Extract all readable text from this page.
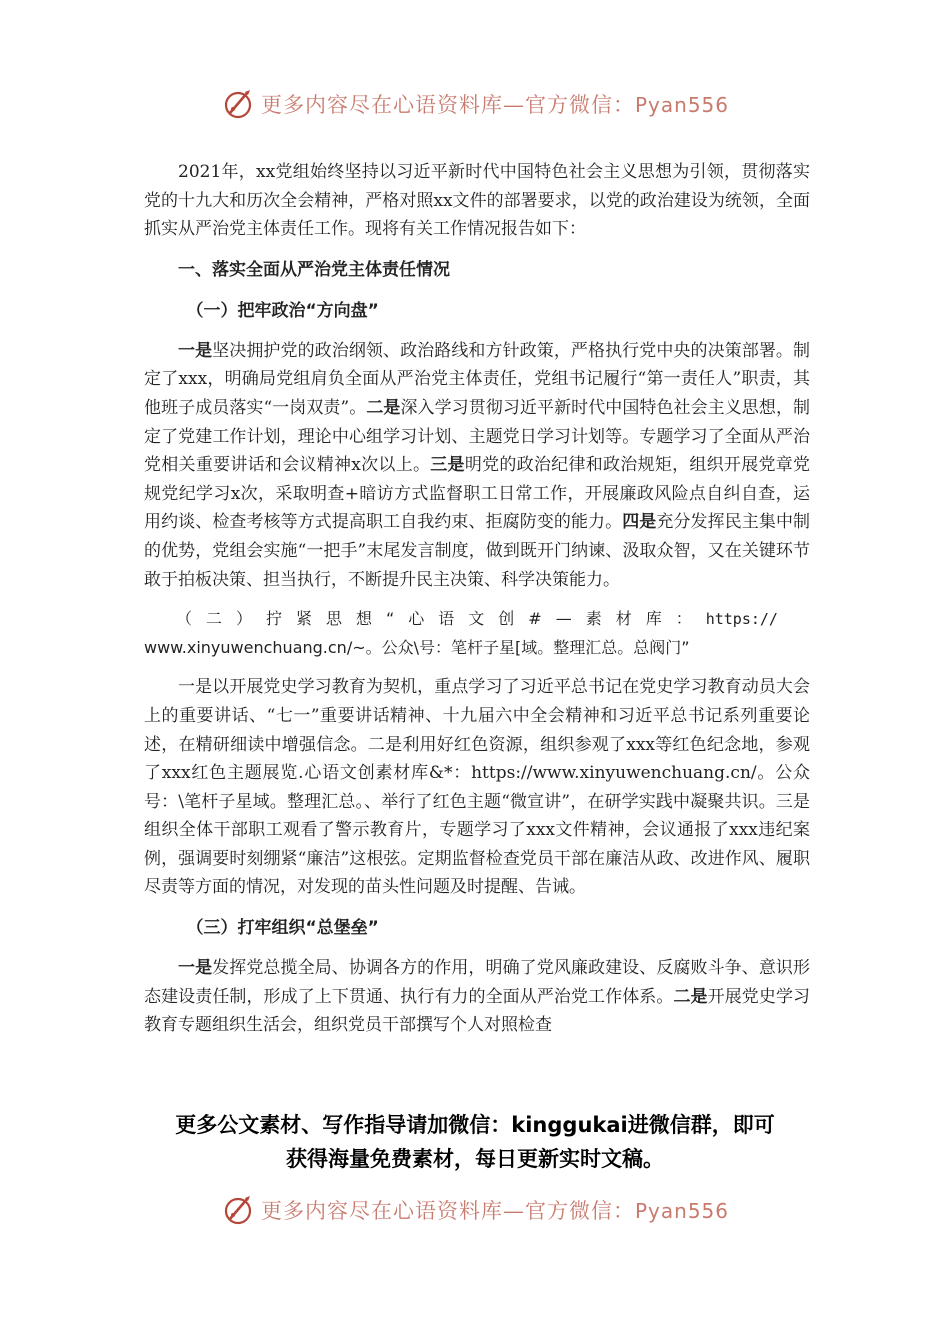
更多内容尽在心语资料库—官方微信：Pyan556

2021年，xx党组始终坚持以习近平新时代中国特色社会主义思想为引领，贯彻落实党的十九大和历次全会精神，严格对照xx文件的部署要求，以党的政治建设为统领，全面抓实从严治党主体责任工作。现将有关工作情况报告如下：

一、落实全面从严治党主体责任情况

（一）把牢政治“方向盘”

一是坚决拥护党的政治纲领、政治路线和方针政策，严格执行党中央的决策部署。制定了xxx，明确局党组肩负全面从严治党主体责任，党组书记履行“第一责任人”职责，其他班子成员落实“一岗双责”。二是深入学习贯彻习近平新时代中国特色社会主义思想，制定了党建工作计划，理论中心组学习计划、主题党日学习计划等。专题学习了全面从严治党相关重要讲话和会议精神x次以上。三是明党的政治纪律和政治规矩，组织开展党章党规党纪学习x次，采取明查+暗访方式监督职工日常工作，开展廉政风险点自纠自查，运用约谈、检查考核等方式提高职工自我约束、拒腐防变的能力。四是充分发挥民主集中制的优势，党组会实施“一把手”末尾发言制度，做到既开门纳谏、汲取众智，又在关键环节敢于拍板决策、担当执行，不断提升民主决策、科学决策能力。

（二）拧紧思想“心语文创#—素材库：https://
www.xinyuwenchuang.cn/~。公众\号：笔杆子星[域。整理汇总。总阀门”

一是以开展党史学习教育为契机，重点学习了习近平总书记在党史学习教育动员大会上的重要讲话、“七一”重要讲话精神、十九届六中全会精神和习近平总书记系列重要论述，在精研细读中增强信念。二是利用好红色资源，组织参观了xxx等红色纪念地，参观了xxx红色主题展览.心语文创素材库&*：https://www.xinyuwenchuang.cn/。公众号：\笔杆子星域。整理汇总。、举行了红色主题“微宣讲”，在研学实践中凝聚共识。三是组织全体干部职工观看了警示教育片，专题学习了xxx文件精神，会议通报了xxx违纪案例，强调要时刻绷紧“廉洁”这根弦。定期监督检查党员干部在廉洁从政、改进作风、履职尽责等方面的情况，对发现的苗头性问题及时提醒、告诫。

（三）打牢组织“总堡垒”

一是发挥党总揽全局、协调各方的作用，明确了党风廉政建设、反腐败斗争、意识形态建设责任制，形成了上下贯通、执行有力的全面从严治党工作体系。二是开展党史学习教育专题组织生活会，组织党员干部撰写个人对照检查

更多公文素材、写作指导请加微信：kinggukai进微信群，即可
获得海量免费素材，每日更新实时文稿。
更多内容尽在心语资料库—官方微信：Pyan556
